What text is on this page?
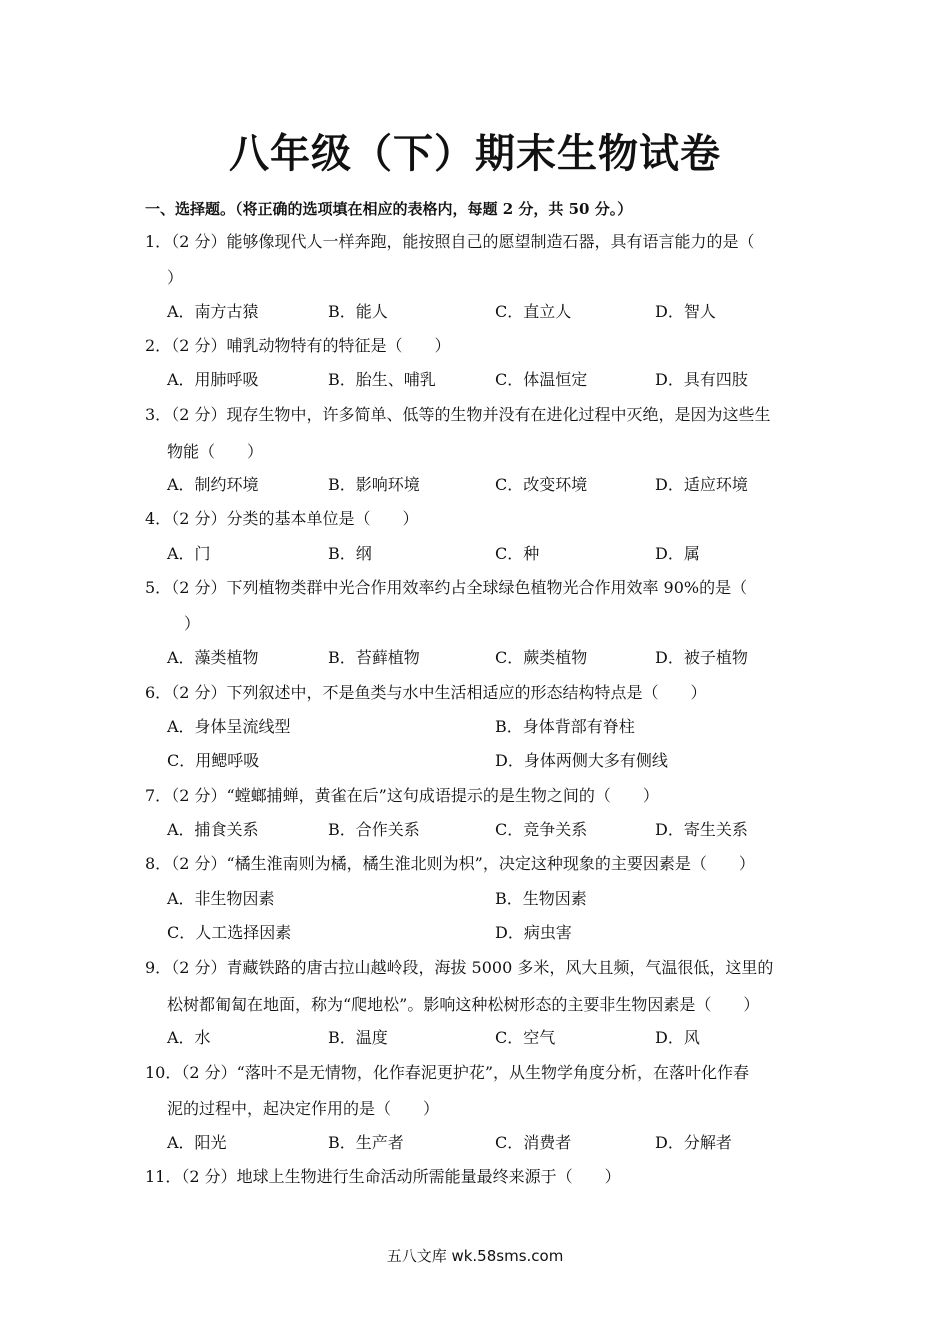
八年级（下）期末生物试卷
一、选择题。（将正确的选项填在相应的表格内，每题 2 分，共 50 分。）
1．（2 分）能够像现代人一样奔跑，能按照自己的愿望制造石器，具有语言能力的是（
）
A．南方古猿	B．能人	C．直立人	D．智人
2．（2 分）哺乳动物特有的特征是（　　）
A．用肺呼吸	B．胎生、哺乳	C．体温恒定	D．具有四肢
3．（2 分）现存生物中，许多简单、低等的生物并没有在进化过程中灭绝，是因为这些生
物能（　　）
A．制约环境	B．影响环境	C．改变环境	D．适应环境
4．（2 分）分类的基本单位是（　　）
A．门	B．纲	C．种	D．属
5．（2 分）下列植物类群中光合作用效率约占全球绿色植物光合作用效率 90%的是（
）
A．藻类植物	B．苔藓植物	C．蕨类植物	D．被子植物
6．（2 分）下列叙述中，不是鱼类与水中生活相适应的形态结构特点是（　　）
A．身体呈流线型	B．身体背部有脊柱
C．用鳃呼吸	D．身体两侧大多有侧线
7．（2 分）“螳螂捕蝉，黄雀在后”这句成语提示的是生物之间的（　　）
A．捕食关系	B．合作关系	C．竞争关系	D．寄生关系
8．（2 分）“橘生淮南则为橘，橘生淮北则为枳”，决定这种现象的主要因素是（　　）
A．非生物因素	B．生物因素
C．人工选择因素	D．病虫害
9．（2 分）青藏铁路的唐古拉山越岭段，海拔 5000 多米，风大且频，气温很低，这里的
松树都匍匐在地面，称为“爬地松”。影响这种松树形态的主要非生物因素是（　　）
A．水	B．温度	C．空气	D．风
10．（2 分）“落叶不是无情物，化作春泥更护花”，从生物学角度分析，在落叶化作春
泥的过程中，起决定作用的是（　　）
A．阳光	B．生产者	C．消费者	D．分解者
11．（2 分）地球上生物进行生命活动所需能量最终来源于（　　）
五八文库 wk.58sms.com
